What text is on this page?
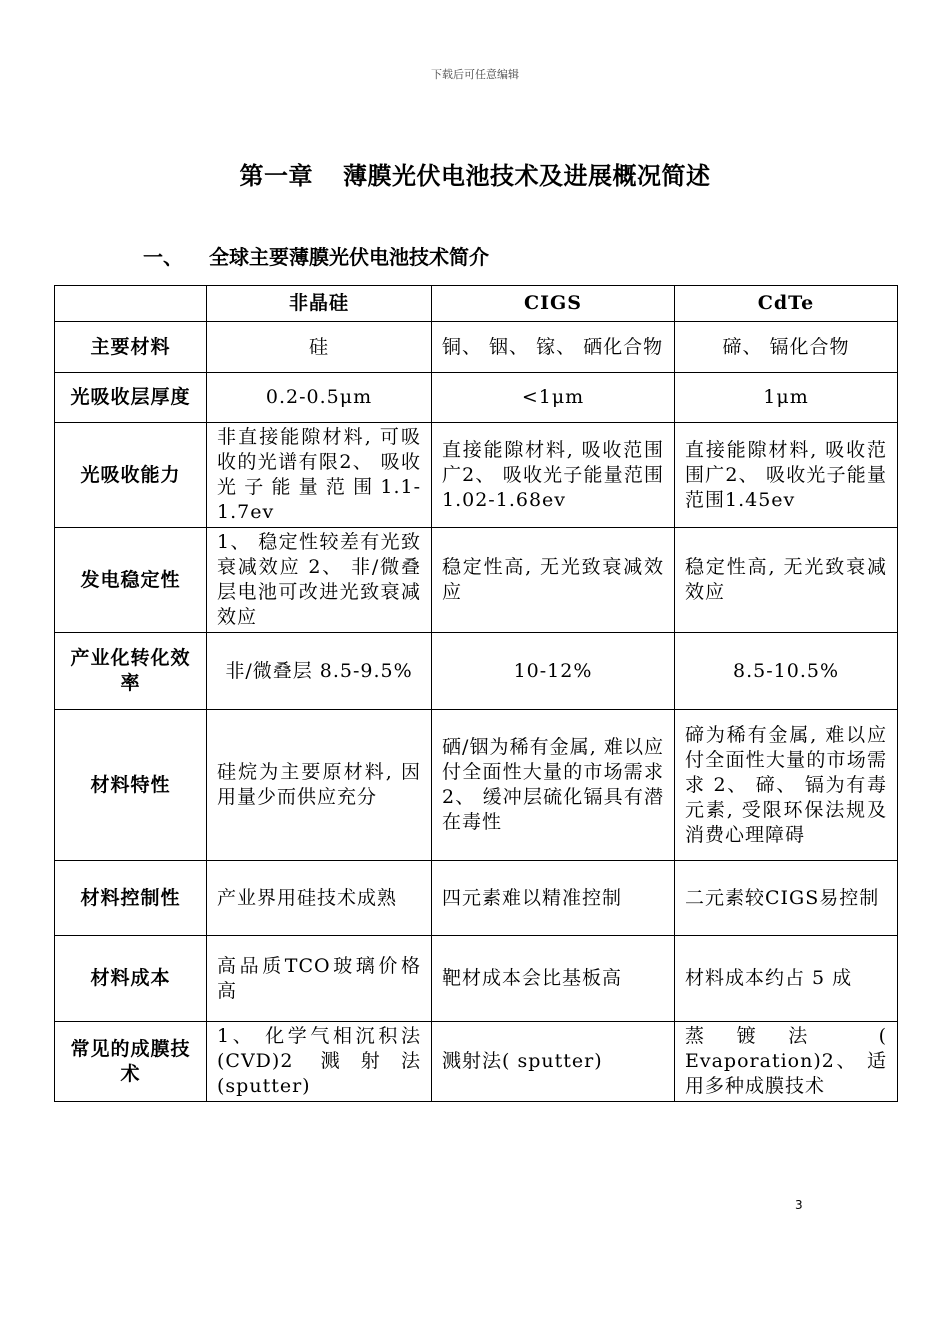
下载后可任意编辑
第一章 薄膜光伏电池技术及进展概况简述
一、 全球主要薄膜光伏电池技术简介
	非晶硅	CIGS	CdTe
主要材料	硅	铜、 铟、 镓、 硒化合物	碲、 镉化合物
光吸收层厚度	0.2-0.5μm	<1μm	1μm
光吸收能力	非直接能隙材料, 可吸收的光谱有限2、 吸收光子能量范围1.1-1.7ev	直接能隙材料, 吸收范围广2、 吸收光子能量范围1.02-1.68ev	直接能隙材料, 吸收范围广2、 吸收光子能量范围1.45ev
发电稳定性	1、 稳定性较差有光致衰减效应 2、 非/微叠层电池可改进光致衰减效应	稳定性高, 无光致衰减效应	稳定性高, 无光致衰减效应
产业化转化效率	非/微叠层 8.5-9.5%	10-12%	8.5-10.5%
材料特性	硅烷为主要原材料, 因用量少而供应充分	硒/铟为稀有金属, 难以应付全面性大量的市场需求 2、 缓冲层硫化镉具有潜在毒性	碲为稀有金属, 难以应付全面性大量的市场需求 2、 碲、 镉为有毒元素, 受限环保法规及消费心理障碍
材料控制性	产业界用硅技术成熟	四元素难以精准控制	二元素较CIGS易控制
材料成本	高品质TCO玻璃价格高	靶材成本会比基板高	材料成本约占 5 成
常见的成膜技术	1、 化学气相沉积法 (CVD)2 溅射法 (sputter)	溅射法( sputter)	蒸镀法 ( Evaporation)2、 适用多种成膜技术
3
